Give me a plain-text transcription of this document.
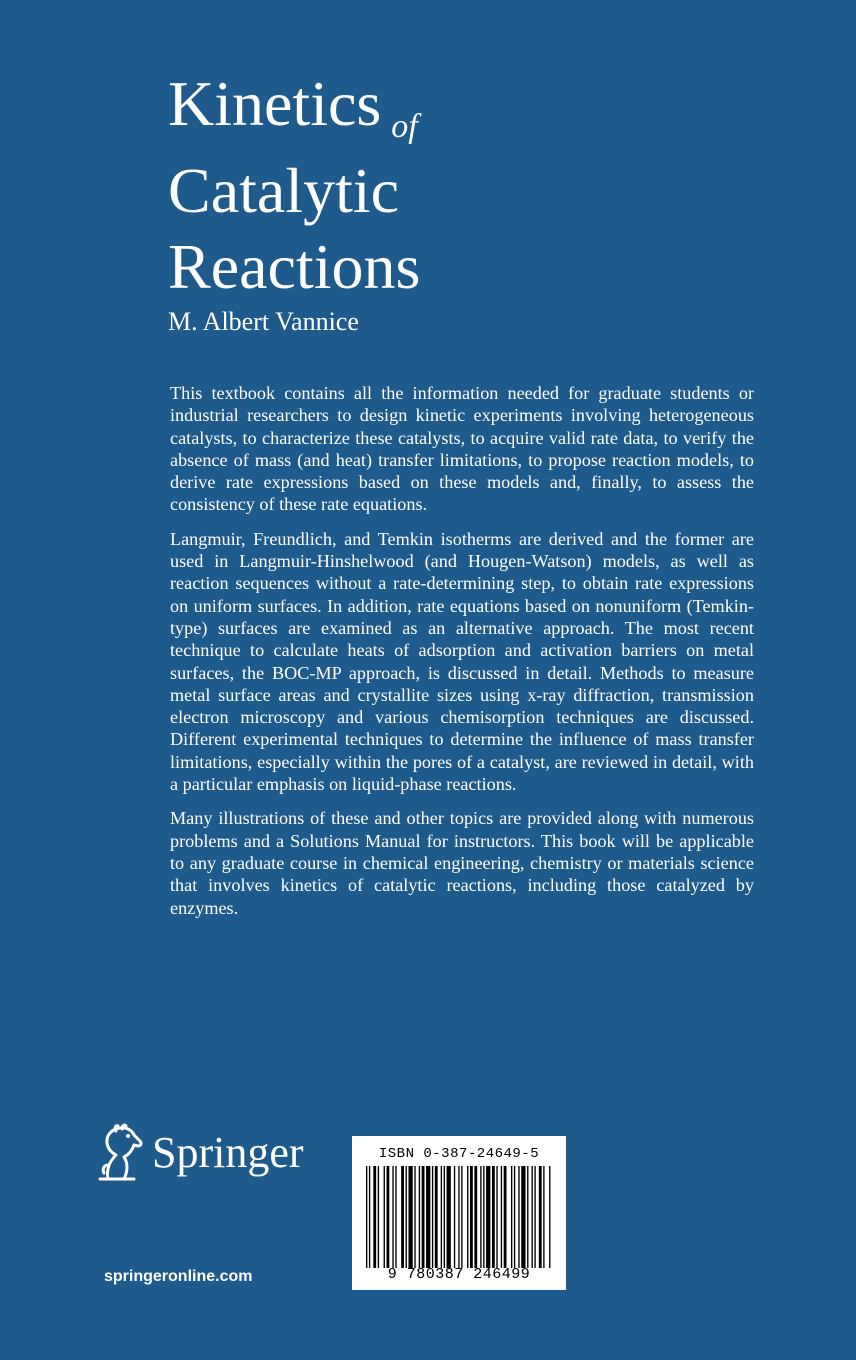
Kinetics of
Catalytic
Reactions
M. Albert Vannice

This textbook contains all the information needed for graduate students or industrial researchers to design kinetic experiments involving heterogeneous catalysts, to characterize these catalysts, to acquire valid rate data, to verify the absence of mass (and heat) transfer limitations, to propose reaction models, to derive rate expressions based on these models and, finally, to assess the consistency of these rate equations.

Langmuir, Freundlich, and Temkin isotherms are derived and the former are used in Langmuir-Hinshelwood (and Hougen-Watson) models, as well as reaction sequences without a rate-determining step, to obtain rate expressions on uniform surfaces. In addition, rate equations based on nonuniform (Temkin-type) surfaces are examined as an alternative approach. The most recent technique to calculate heats of adsorption and activation barriers on metal surfaces, the BOC-MP approach, is discussed in detail. Methods to measure metal surface areas and crystallite sizes using x-ray diffraction, transmission electron microscopy and various chemisorption techniques are discussed. Different experimental techniques to determine the influence of mass transfer limitations, especially within the pores of a catalyst, are reviewed in detail, with a particular emphasis on liquid-phase reactions.

Many illustrations of these and other topics are provided along with numerous problems and a Solutions Manual for instructors. This book will be applicable to any graduate course in chemical engineering, chemistry or materials science that involves kinetics of catalytic reactions, including those catalyzed by enzymes.

Springer
springeronline.com
ISBN 0-387-24649-5
9 780387 246499
